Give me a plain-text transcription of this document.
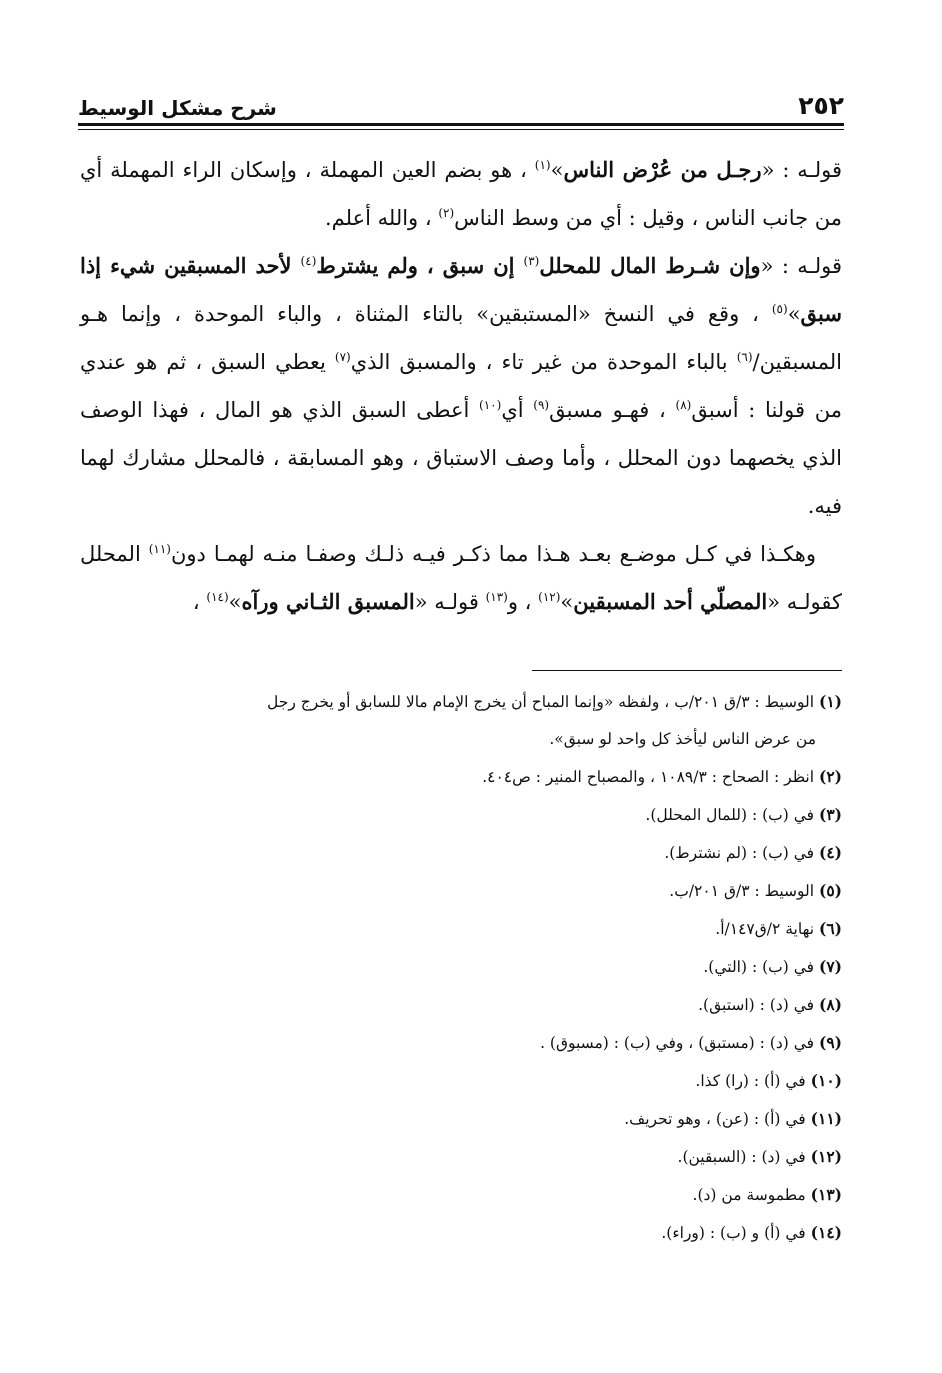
٢٥٢
شرح مشكل الوسيط

قولـه : «رجـل من عُرْض الناس»$^{(١)}$ ، هو بضم العين المهملة ، وإسكان الراء المهملة أي من جانب الناس ، وقيل : أي من وسط الناس$^{(٢)}$ ، والله أعلم.

قولـه : «وإن شـرط المال للمحلل$^{(٣)}$ إن سبق ، ولم يشترط$^{(٤)}$ لأحد المسبقين شيء إذا سبق»$^{(٥)}$ ، وقع في النسخ «المستبقين» بالتاء المثناة ، والباء الموحدة ، وإنما هـو المسبقين/$^{(٦)}$ بالباء الموحدة من غير تاء ، والمسبق الذي$^{(٧)}$ يعطي السبق ، ثم هو عندي من قولنا : أسبق$^{(٨)}$ ، فهـو مسبق$^{(٩)}$ أي$^{(١٠)}$ أعطى السبق الذي هو المال ، فهذا الوصف الذي يخصهما دون المحلل ، وأما وصف الاستباق ، وهو المسابقة ، فالمحلل مشارك لهما فيه.

وهكـذا في كـل موضـع بعـد هـذا مما ذكـر فيـه ذلـك وصفـا منـه لهمـا دون$^{(١١)}$ المحلل كقولـه «المصلّي أحد المسبقين»$^{(١٢)}$ ، و$^{(١٣)}$ قولـه «المسبق الثـاني ورآه»$^{(١٤)}$ ،

(١) الوسيط : ٣/ق ٢٠١/ب ، ولفظه «وإنما المباح أن يخرج الإمام مالا للسابق أو يخرج رجل

من عرض الناس ليأخذ كل واحد لو سبق».

(٢) انظر : الصحاح : ١٠٨٩/٣ ، والمصباح المنير : ص٤٠٤.

(٣) في (ب) : (للمال المحلل).

(٤) في (ب) : (لم نشترط).

(٥) الوسيط : ٣/ق ٢٠١/ب.

(٦) نهاية ٢/ق١٤٧/أ.

(٧) في (ب) : (التي).

(٨) في (د) : (استبق).

(٩) في (د) : (مستبق) ، وفي (ب) : (مسبوق) .

(١٠) في (أ) : (را) كذا.

(١١) في (أ) : (عن) ، وهو تحريف.

(١٢) في (د) : (السبقين).

(١٣) مطموسة من (د).

(١٤) في (أ) و (ب) : (وراء).
